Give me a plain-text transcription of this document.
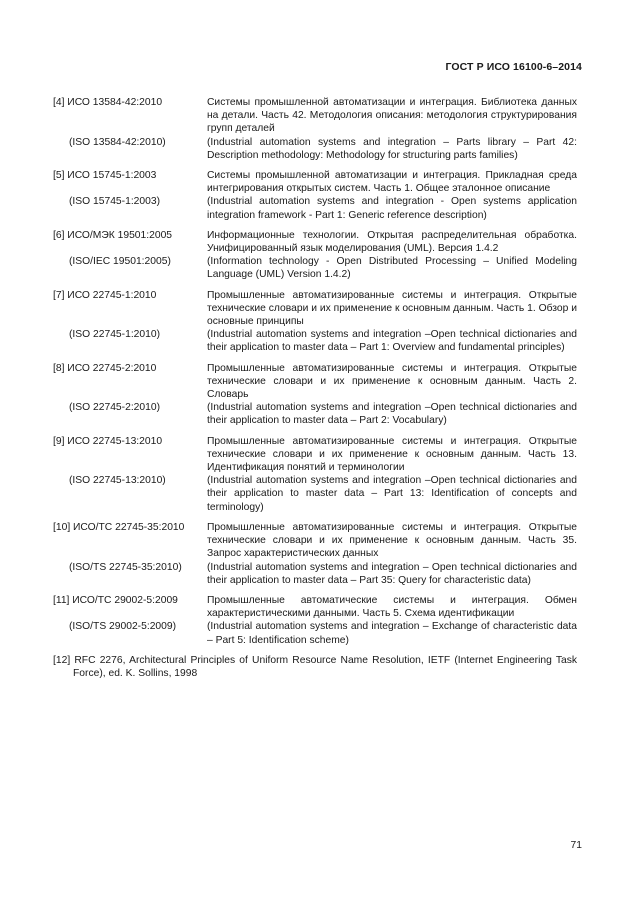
ГОСТ Р ИСО 16100-6–2014
[4] ИСО 13584-42:2010	Системы промышленной автоматизации и интеграция. Библиотека данных на детали. Часть 42. Методология описания: методология структурирования групп деталей
(ISO 13584-42:2010)	(Industrial automation systems and integration – Parts library – Part 42: Description methodology: Methodology for structuring parts families)
[5] ИСО 15745-1:2003	Системы промышленной автоматизации и интеграция. Прикладная среда интегрирования открытых систем. Часть 1. Общее эталонное описание
(ISO 15745-1:2003)	(Industrial automation systems and integration - Open systems application integration framework - Part 1: Generic reference description)
[6] ИСО/МЭК 19501:2005	Информационные технологии. Открытая распределительная обработка. Унифицированный язык моделирования (UML). Версия 1.4.2
(ISO/IEC 19501:2005)	(Information technology - Open Distributed Processing – Unified Modeling Language (UML) Version 1.4.2)
[7] ИСО 22745-1:2010	Промышленные автоматизированные системы и интеграция. Открытые технические словари и их применение к основным данным. Часть 1. Обзор и основные принципы
(ISO 22745-1:2010)	(Industrial automation systems and integration –Open technical dictionaries and their application to master data – Part 1: Overview and fundamental principles)
[8] ИСО 22745-2:2010	Промышленные автоматизированные системы и интеграция. Открытые технические словари и их применение к основным данным. Часть 2. Словарь
(ISO 22745-2:2010)	(Industrial automation systems and integration –Open technical dictionaries and their application to master data – Part 2: Vocabulary)
[9] ИСО 22745-13:2010	Промышленные автоматизированные системы и интеграция. Открытые технические словари и их применение к основным данным. Часть 13. Идентификация понятий и терминологии
(ISO 22745-13:2010)	(Industrial automation systems and integration –Open technical dictionaries and their application to master data – Part 13: Identification of concepts and terminology)
[10] ИСО/ТС 22745-35:2010	Промышленные автоматизированные системы и интеграция. Открытые технические словари и их применение к основным данным. Часть 35. Запрос характеристических данных
(ISO/TS 22745-35:2010)	(Industrial automation systems and integration – Open technical dictionaries and their application to master data – Part 35: Query for characteristic data)
[11] ИСО/ТС 29002-5:2009	Промышленные автоматические системы и интеграция. Обмен характеристическими данными. Часть 5. Схема идентификации
(ISO/TS 29002-5:2009)	(Industrial automation systems and integration – Exchange of characteristic data – Part 5: Identification scheme)
[12] RFC 2276, Architectural Principles of Uniform Resource Name Resolution, IETF (Internet Engineering Task Force), ed. K. Sollins, 1998
71
